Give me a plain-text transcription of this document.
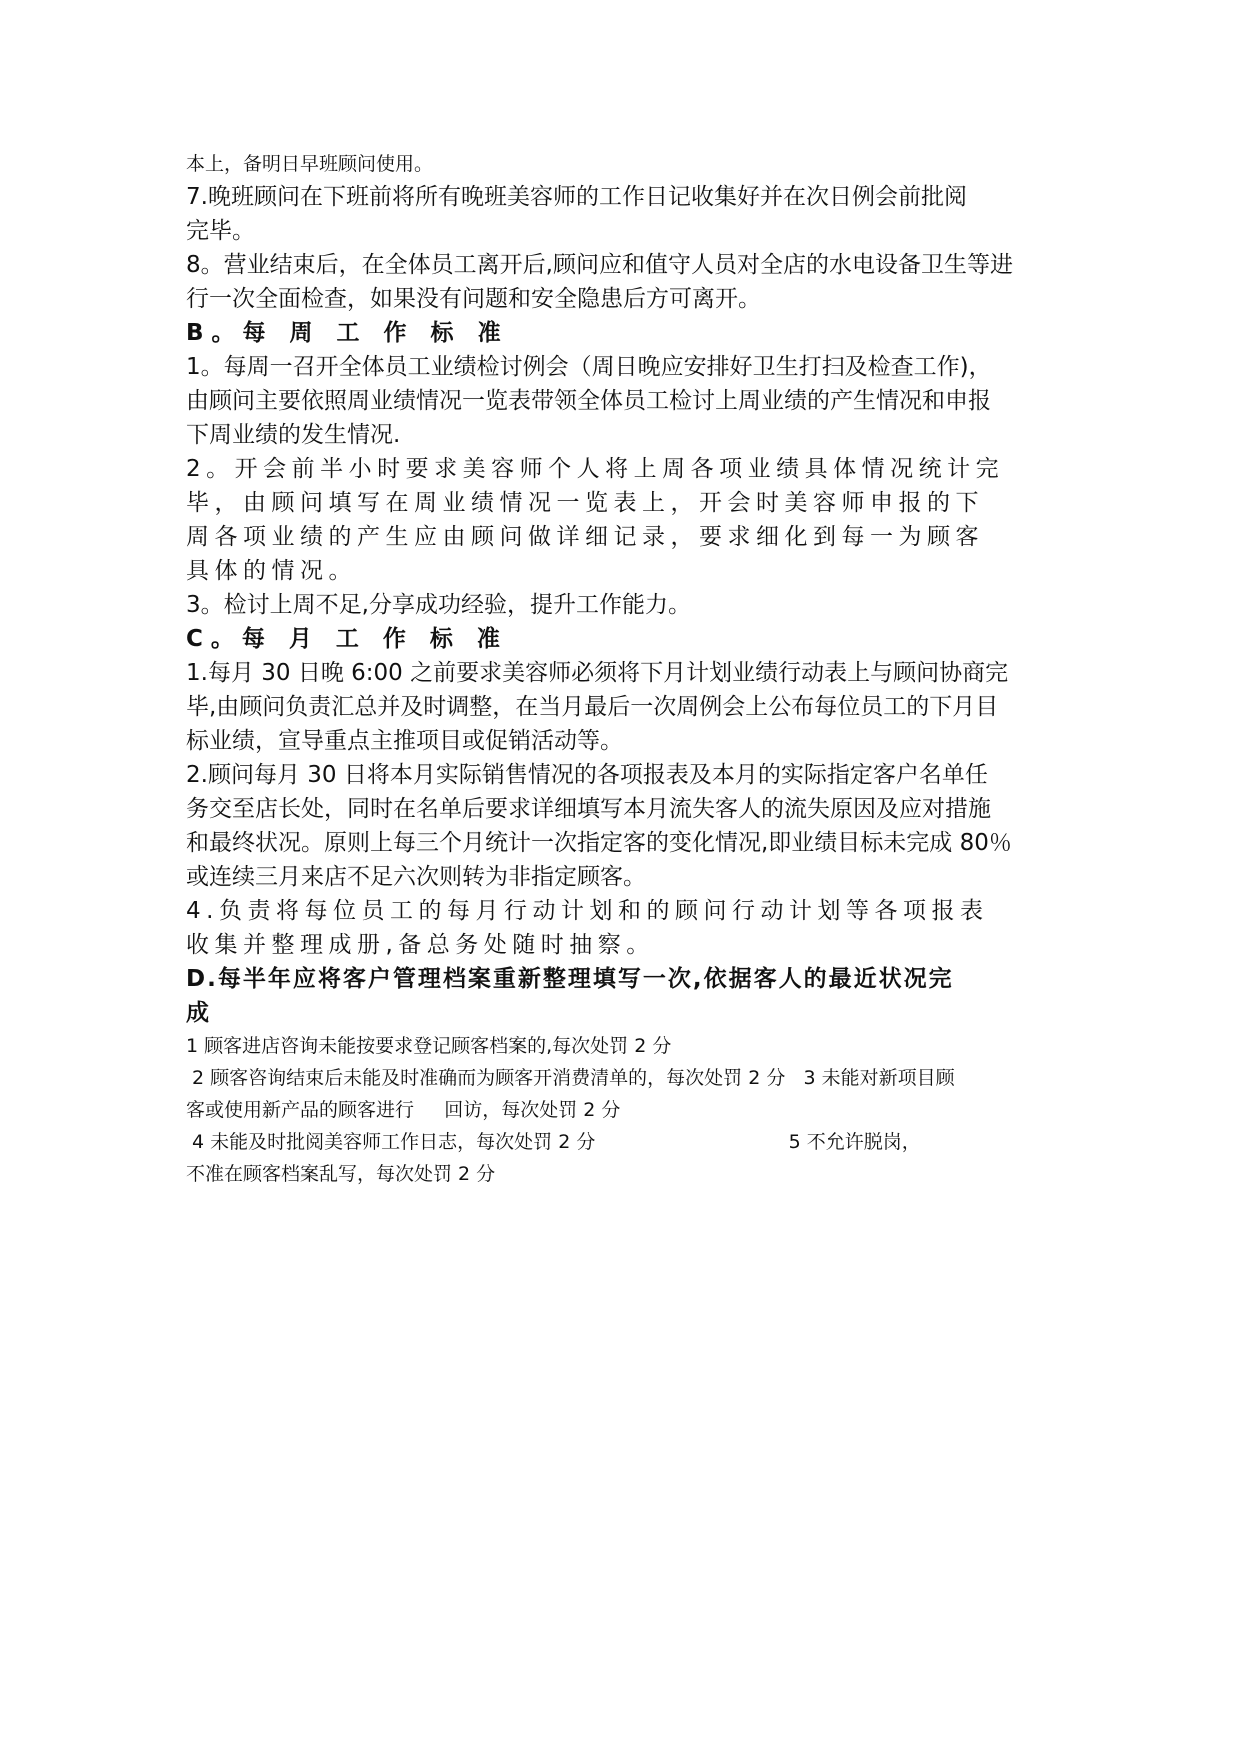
本上，备明日早班顾问使用。

7.晚班顾问在下班前将所有晚班美容师的工作日记收集好并在次日例会前批阅

完毕。

8。营业结束后，在全体员工离开后,顾问应和值守人员对全店的水电设备卫生等进

行一次全面检查，如果没有问题和安全隐患后方可离开。

B。每 周 工 作 标 准

1。每周一召开全体员工业绩检讨例会（周日晚应安排好卫生打扫及检查工作)，

由顾问主要依照周业绩情况一览表带领全体员工检讨上周业绩的产生情况和申报

下周业绩的发生情况.

2。开会前半小时要求美容师个人将上周各项业绩具体情况统计完

毕，由顾问填写在周业绩情况一览表上，开会时美容师申报的下

周各项业绩的产生应由顾问做详细记录，要求细化到每一为顾客

具体的情况。

3。检讨上周不足,分享成功经验，提升工作能力。

C。每 月 工 作 标 准

1.每月 30 日晚 6:00 之前要求美容师必须将下月计划业绩行动表上与顾问协商完

毕,由顾问负责汇总并及时调整，在当月最后一次周例会上公布每位员工的下月目

标业绩，宣导重点主推项目或促销活动等。

2.顾问每月 30 日将本月实际销售情况的各项报表及本月的实际指定客户名单任

务交至店长处，同时在名单后要求详细填写本月流失客人的流失原因及应对措施

和最终状况。原则上每三个月统计一次指定客的变化情况,即业绩目标未完成 80％

或连续三月来店不足六次则转为非指定顾客。

4.负责将每位员工的每月行动计划和的顾问行动计划等各项报表

收集并整理成册,备总务处随时抽察。

D.每半年应将客户管理档案重新整理填写一次,依据客人的最近状况完

成

1 顾客进店咨询未能按要求登记顾客档案的,每次处罚 2 分

2 顾客咨询结束后未能及时准确而为顾客开消费清单的，每次处罚 2 分   3 未能对新项目顾

客或使用新产品的顾客进行     回访，每次处罚 2 分

4 未能及时批阅美容师工作日志，每次处罚 2 分                                5 不允许脱岗，

不准在顾客档案乱写，每次处罚 2 分
